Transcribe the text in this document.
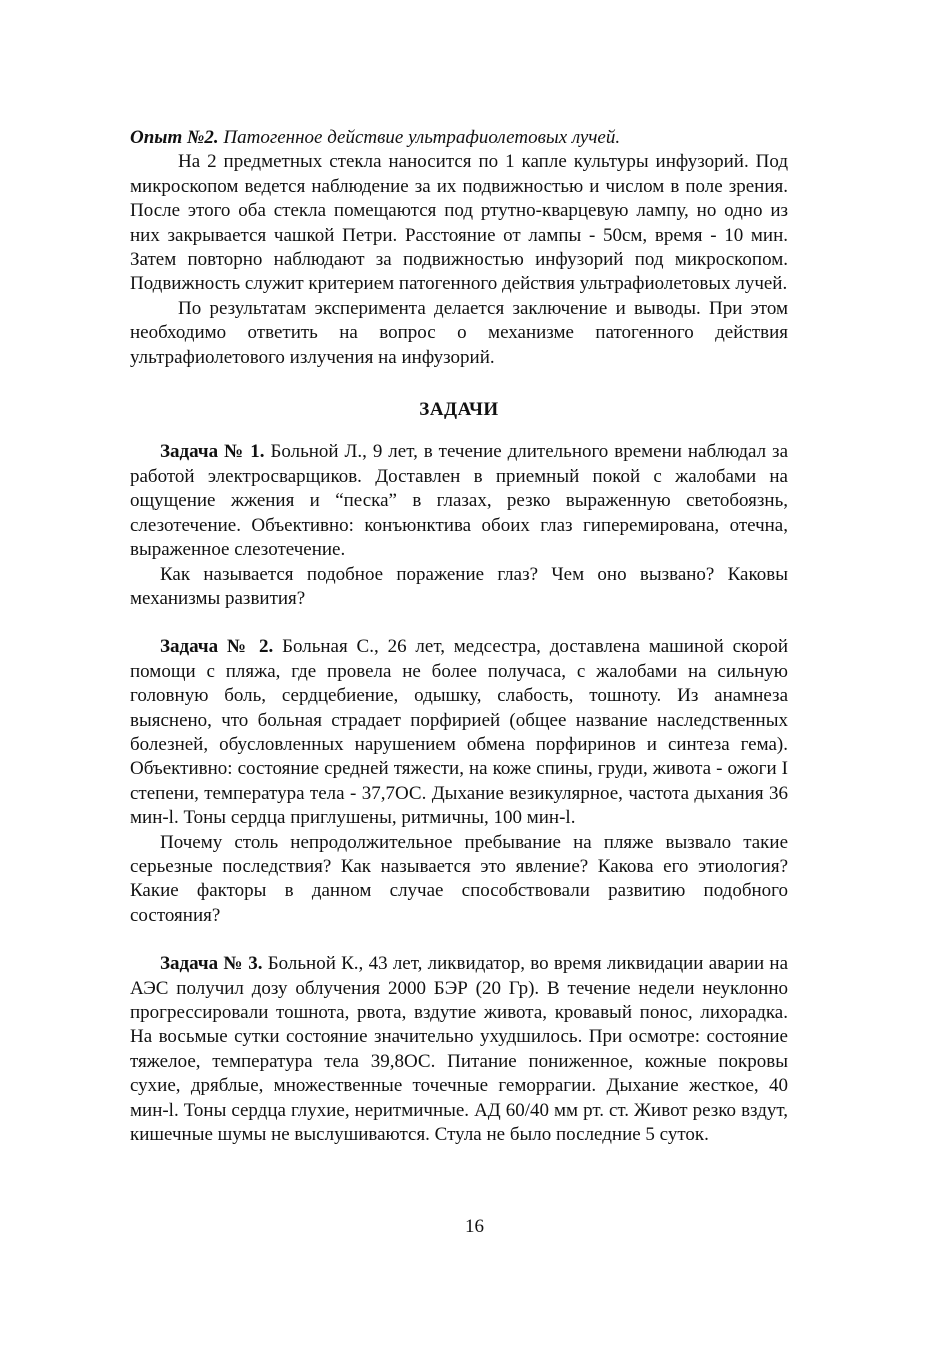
Опыт №2. Патогенное действие ультрафиолетовых лучей.

На 2 предметных стекла наносится по 1 капле культуры инфузорий. Под микроскопом ведется наблюдение за их подвижностью и числом в поле зрения. После этого оба стекла помещаются под ртутно-кварцевую лампу, но одно из них закрывается чашкой Петри. Расстояние от лампы - 50см, время - 10 мин. Затем повторно наблюдают за подвижностью инфузорий под микроскопом. Подвижность служит критерием патогенного действия ультрафиолетовых лучей.

По результатам эксперимента делается заключение и выводы. При этом необходимо ответить на вопрос о механизме патогенного действия ультрафиолетового излучения на инфузорий.

ЗАДАЧИ

Задача № 1. Больной Л., 9 лет, в течение длительного времени наблюдал за работой электросварщиков. Доставлен в приемный покой с жалобами на ощущение жжения и “песка” в глазах, резко выраженную светобоязнь, слезотечение. Объективно: конъюнктива обоих глаз гиперемирована, отечна, выраженное слезотечение.

Как называется подобное поражение глаз? Чем оно вызвано? Каковы механизмы развития?

Задача № 2. Больная С., 26 лет, медсестра, доставлена машиной скорой помощи с пляжа, где провела не более получаса, с жалобами на сильную головную боль, сердцебиение, одышку, слабость, тошноту. Из анамнеза выяснено, что больная страдает порфирией (общее название наследственных болезней, обусловленных нарушением обмена порфиринов и синтеза гема). Объективно: состояние средней тяжести, на коже спины, груди, живота - ожоги I степени, температура тела - 37,7ОС. Дыхание везикулярное, частота дыхания 36 мин-l. Тоны сердца приглушены, ритмичны, 100 мин-l.

Почему столь непродолжительное пребывание на пляже вызвало такие серьезные последствия? Как называется это явление? Какова его этиология? Какие факторы в данном случае способствовали развитию подобного состояния?

Задача № 3. Больной К., 43 лет, ликвидатор, во время ликвидации аварии на АЭС получил дозу облучения 2000 БЭР (20 Гр). В течение недели неуклонно прогрессировали тошнота, рвота, вздутие живота, кровавый понос, лихорадка. На восьмые сутки состояние значительно ухудшилось. При осмотре: состояние тяжелое, температура тела 39,8ОС. Питание пониженное, кожные покровы сухие, дряблые, множественные точечные геморрагии. Дыхание жесткое, 40 мин-l. Тоны сердца глухие, неритмичные. АД 60/40 мм рт. ст. Живот резко вздут, кишечные шумы не выслушиваются. Стула не было последние 5 суток.

16
